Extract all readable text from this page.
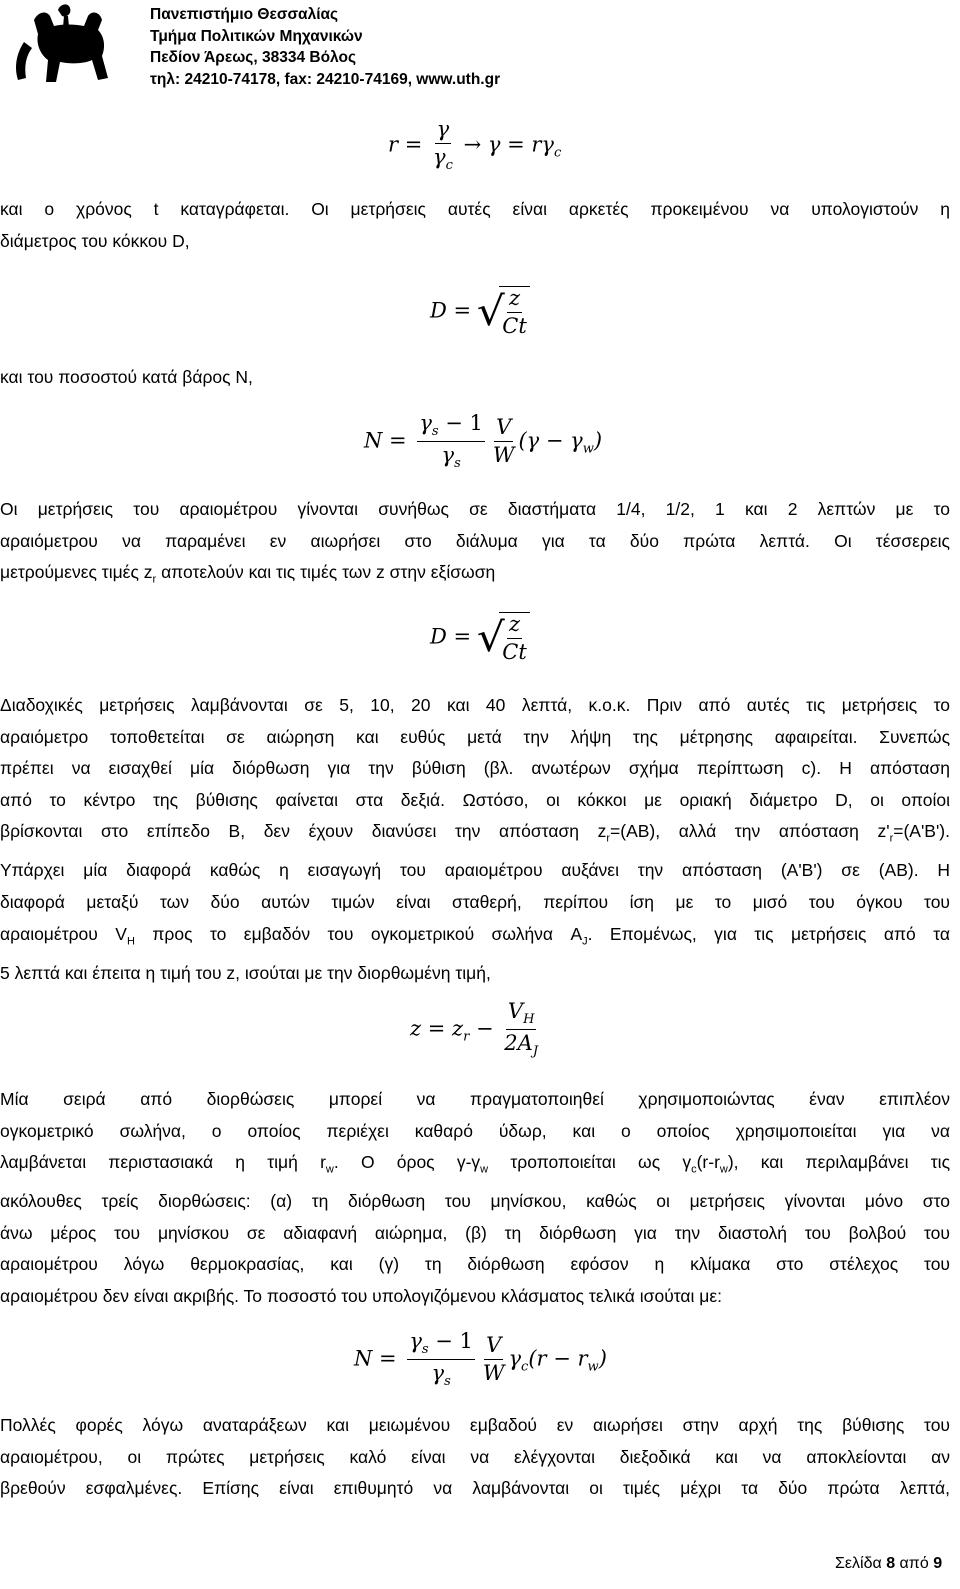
Πανεπιστήμιο Θεσσαλίας
Τμήμα Πολιτικών Μηχανικών
Πεδίον Άρεως, 38334 Βόλος
τηλ: 24210-74178, fax: 24210-74169, www.uth.gr
$r = \frac{\gamma}{\gamma_c} \to \gamma = r\gamma_c$
και ο χρόνος t καταγράφεται. Οι μετρήσεις αυτές είναι αρκετές προκειμένου να υπολογιστούν η
διάμετρος του κόκκου D,
D = √
$\frac{z}{Ct}$
και του ποσοστού κατά βάρος N,
$N = \frac{\gamma_s - 1}{\gamma_s} \frac{V}{W} (\gamma - \gamma_w)$
Οι μετρήσεις του αραιομέτρου γίνονται συνήθως σε διαστήματα 1/4, 1/2, 1 και 2 λεπτών με το
αραιόμετρου να παραμένει εν αιωρήσει στο διάλυμα για τα δύο πρώτα λεπτά. Οι τέσσερεις
μετρούμενες τιμές $z_r$ αποτελούν και τις τιμές των z στην εξίσωση
D = √
$\frac{z}{Ct}$
Διαδοχικές μετρήσεις λαμβάνονται σε 5, 10, 20 και 40 λεπτά, κ.ο.κ. Πριν από αυτές τις μετρήσεις το
αραιόμετρο τοποθετείται σε αιώρηση και ευθύς μετά την λήψη της μέτρησης αφαιρείται. Συνεπώς
πρέπει να εισαχθεί μία διόρθωση για την βύθιση (βλ. ανωτέρων σχήμα περίπτωση c). Η απόσταση
από το κέντρο της βύθισης φαίνεται στα δεξιά. Ωστόσο, οι κόκκοι με οριακή διάμετρο D, οι οποίοι
βρίσκονται στο επίπεδο Β, δεν έχουν διανύσει την απόσταση $z_r=(AB)$, αλλά την απόσταση $z'_r=(A'B')$.
Υπάρχει μία διαφορά καθώς η εισαγωγή του αραιομέτρου αυξάνει την απόσταση (A'B') σε (AB). Η
διαφορά μεταξύ των δύο αυτών τιμών είναι σταθερή, περίπου ίση με το μισό του όγκου του
αραιομέτρου $V_H$ προς το εμβαδόν του ογκομετρικού σωλήνα $A_J$. Επομένως, για τις μετρήσεις από τα
5 λεπτά και έπειτα η τιμή του z, ισούται με την διορθωμένη τιμή,
$z = z_r - \frac{V_H}{2A_J}$
Μία σειρά από διορθώσεις μπορεί να πραγματοποιηθεί χρησιμοποιώντας έναν επιπλέον
ογκομετρικό σωλήνα, ο οποίος περιέχει καθαρό ύδωρ, και ο οποίος χρησιμοποιείται για να
λαμβάνεται περιστασιακά η τιμή $r_w$. Ο όρος $\gamma-\gamma_w$ τροποποιείται ως $\gamma_c(r-r_w)$, και περιλαμβάνει τις
ακόλουθες τρείς διορθώσεις: (α) τη διόρθωση του μηνίσκου, καθώς οι μετρήσεις γίνονται μόνο στο
άνω μέρος του μηνίσκου σε αδιαφανή αιώρημα, (β) τη διόρθωση για την διαστολή του βολβού του
αραιομέτρου λόγω θερμοκρασίας, και (γ) τη διόρθωση εφόσον η κλίμακα στο στέλεχος του
αραιομέτρου δεν είναι ακριβής. Το ποσοστό του υπολογιζόμενου κλάσματος τελικά ισούται με:
$N = \frac{\gamma_s - 1}{\gamma_s} \frac{V}{W} \gamma_c(r - r_w)$
Πολλές φορές λόγω αναταράξεων και μειωμένου εμβαδού εν αιωρήσει στην αρχή της βύθισης του
αραιομέτρου, οι πρώτες μετρήσεις καλό είναι να ελέγχονται διεξοδικά και να αποκλείονται αν
βρεθούν εσφαλμένες. Επίσης είναι επιθυμητό να λαμβάνονται οι τιμές μέχρι τα δύο πρώτα λεπτά,
Σελίδα 8 από 9
